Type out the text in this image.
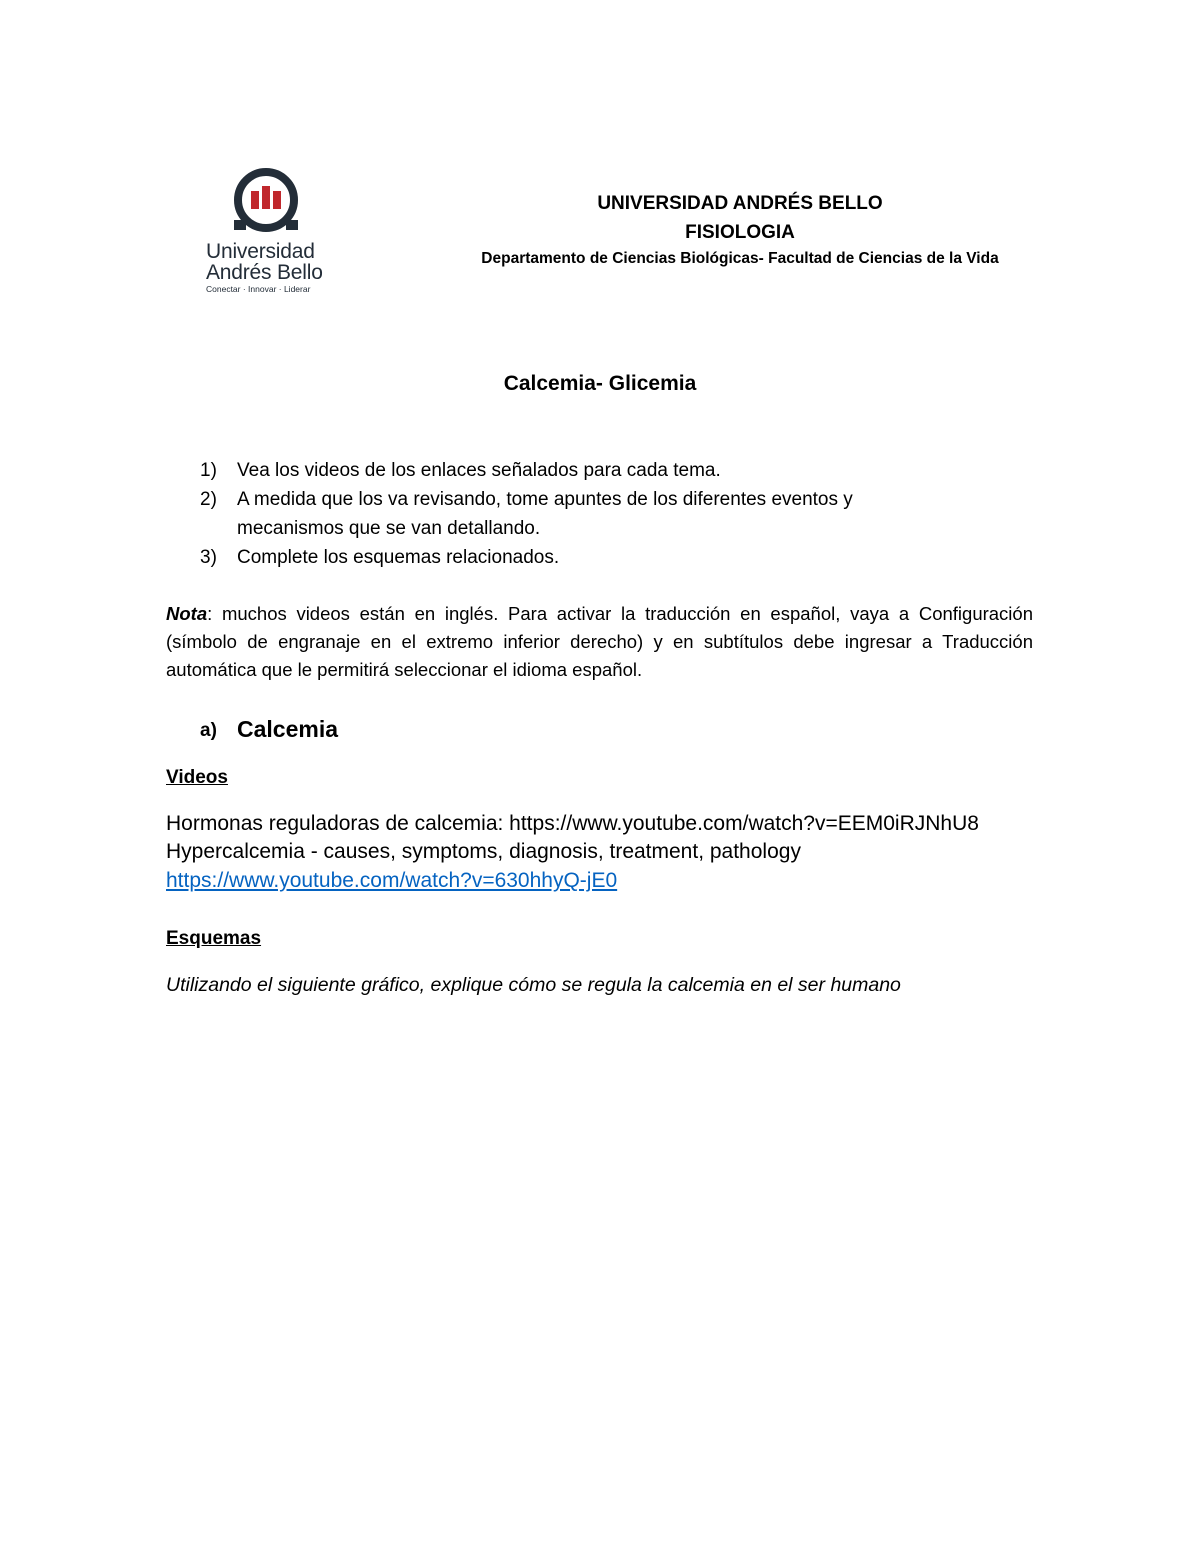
Universidad
Andrés Bello
Conectar · Innovar · Liderar
UNIVERSIDAD ANDRÉS BELLO
FISIOLOGIA
Departamento de Ciencias Biológicas- Facultad de Ciencias de la Vida
Calcemia- Glicemia
1) Vea los videos de los enlaces señalados para cada tema.
2) A medida que los va revisando, tome apuntes de los diferentes eventos y mecanismos que se van detallando.
3) Complete los esquemas relacionados.
Nota: muchos videos están en inglés. Para activar la traducción en español, vaya a Configuración (símbolo de engranaje en el extremo inferior derecho) y en subtítulos debe ingresar a Traducción automática que le permitirá seleccionar el idioma español.
a) Calcemia
Videos
Hormonas reguladoras de calcemia: https://www.youtube.com/watch?v=EEM0iRJNhU8
Hypercalcemia - causes, symptoms, diagnosis, treatment, pathology
https://www.youtube.com/watch?v=630hhyQ-jE0
Esquemas
Utilizando el siguiente gráfico, explique cómo se regula la calcemia en el ser humano
